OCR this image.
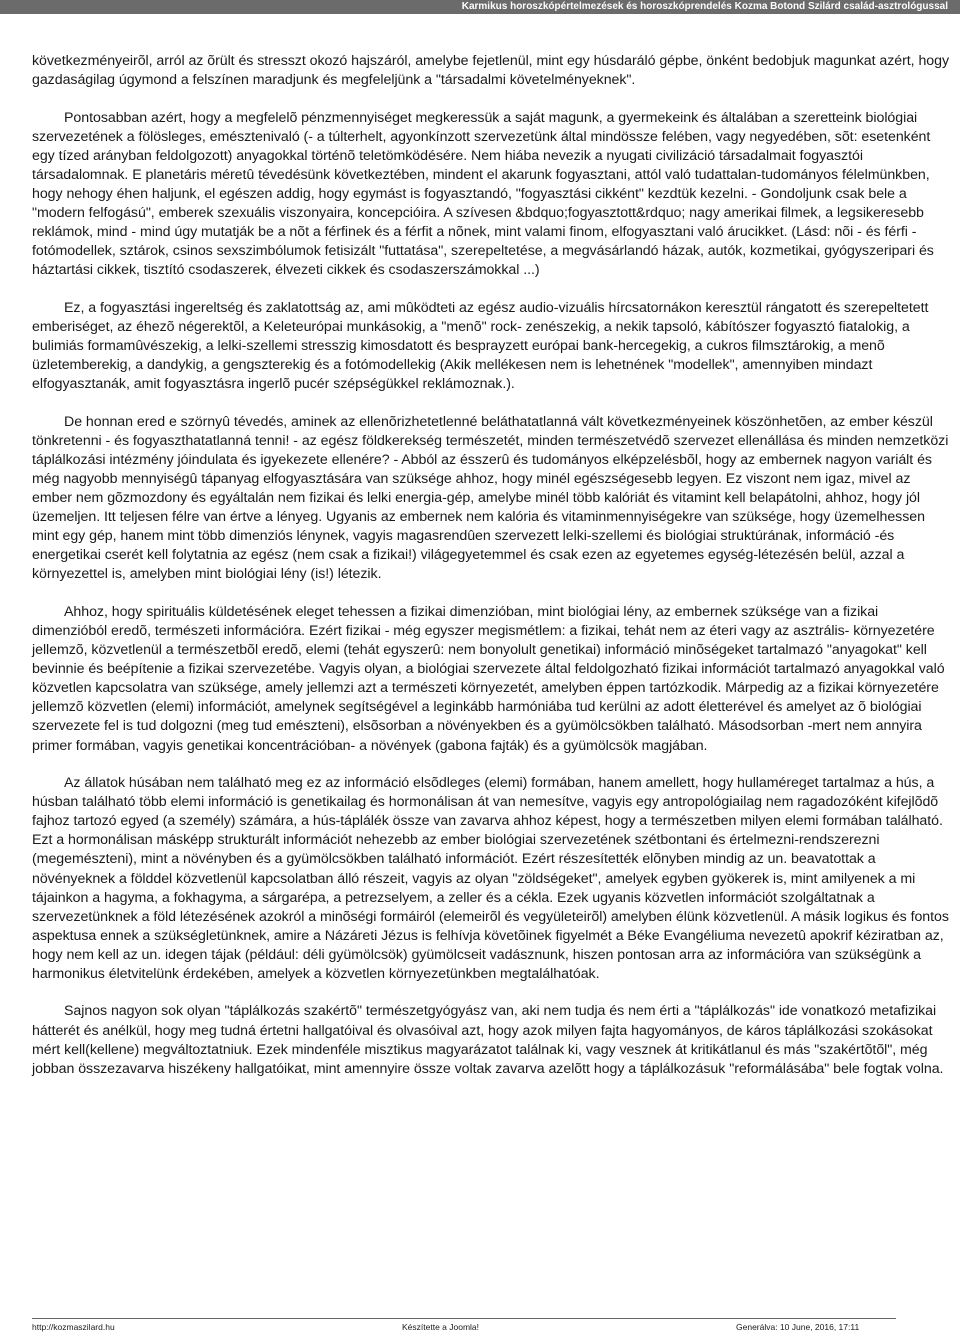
Karmikus horoszkópértelmezések és horoszkóprendelés Kozma Botond Szilárd család-asztrológussal

következményeirõl, arról az õrült és stresszt okozó hajszáról, amelybe fejetlenül, mint egy húsdaráló gépbe, önként bedobjuk magunkat azért, hogy gazdaságilag úgymond a felszínen maradjunk és megfeleljünk a "társadalmi követelményeknek".

Pontosabban azért, hogy a megfelelõ pénzmennyiséget megkeressük a saját magunk, a gyermekeink és általában a szeretteink biológiai szervezetének a fölösleges, emésztenivaló (- a túlterhelt, agyonkínzott szervezetünk által mindössze felében, vagy negyedében, sõt: esetenként egy tízed arányban feldolgozott) anyagokkal történõ teletömködésére. Nem hiába nevezik a nyugati civilizáció társadalmait fogyasztói társadalomnak. E planetáris méretû tévedésünk következtében, mindent el akarunk fogyasztani, attól való tudattalan-tudományos félelmünkben, hogy nehogy éhen haljunk, el egészen addig, hogy egymást is fogyasztandó, "fogyasztási cikként" kezdtük kezelni. - Gondoljunk csak bele a "modern felfogású", emberek szexuális viszonyaira, koncepcióira. A szívesen &bdquo;fogyasztott&rdquo; nagy amerikai filmek, a legsikeresebb reklámok, mind - mind úgy mutatják be a nõt a férfinek és a férfit a nõnek, mint valami finom, elfogyasztani való árucikket. (Lásd: nõi - és férfi - fotómodellek, sztárok, csinos sexszimbólumok fetisizált "futtatása", szerepeltetése, a megvásárlandó házak, autók, kozmetikai, gyógyszeripari és háztartási cikkek, tisztító csodaszerek, élvezeti cikkek és csodaszerszámokkal ...)

Ez, a fogyasztási ingereltség és zaklatottság az, ami mûködteti az egész audio-vizuális hírcsatornákon keresztül rángatott és szerepeltetett emberiséget, az éhezõ négerektõl, a Keleteurópai munkásokig, a "menõ" rock- zenészekig, a nekik tapsoló, kábítószer fogyasztó fiatalokig, a bulimiás formamûvészekig, a lelki-szellemi stresszig kimosdatott és besprayzett európai bank-hercegekig, a cukros filmsztárokig, a menõ üzletemberekig, a dandykig, a gengszterekig és a fotómodellekig (Akik mellékesen nem is lehetnének "modellek", amennyiben mindazt elfogyasztanák, amit fogyasztásra ingerlõ pucér szépségükkel reklámoznak.).

De honnan ered e szörnyû tévedés, aminek az ellenõrizhetetlenné beláthatatlanná vált következményeinek köszönhetõen, az ember készül tönkretenni - és fogyaszthatatlanná tenni! - az egész földkerekség természetét, minden természetvédõ szervezet ellenállása és minden nemzetközi táplálkozási intézmény jóindulata és igyekezete ellenére? - Abból az ésszerû és tudományos elképzelésbõl, hogy az embernek nagyon variált és még nagyobb mennyiségû tápanyag elfogyasztására van szüksége ahhoz, hogy minél egészségesebb legyen. Ez viszont nem igaz, mivel az ember nem gõzmozdony és egyáltalán nem fizikai és lelki energia-gép, amelybe minél több kalóriát és vitamint kell belapátolni, ahhoz, hogy jól üzemeljen. Itt teljesen félre van értve a lényeg. Ugyanis az embernek nem kalória és vitaminmennyiségekre van szüksége, hogy üzemelhessen mint egy gép, hanem mint több dimenziós lénynek, vagyis magasrendûen szervezett lelki-szellemi és biológiai struktúrának, információ -és energetikai cserét kell folytatnia az egész (nem csak a fizikai!) világegyetemmel és csak ezen az egyetemes egység-létezésén belül, azzal a környezettel is, amelyben mint biológiai lény (is!) létezik.

Ahhoz, hogy spirituális küldetésének eleget tehessen a fizikai dimenzióban, mint biológiai lény, az embernek szüksége van a fizikai dimenzióból eredõ, természeti információra. Ezért fizikai - még egyszer megismétlem: a fizikai, tehát nem az éteri vagy az asztrális- környezetére jellemzõ, közvetlenül a természetbõl eredõ, elemi (tehát egyszerû: nem bonyolult genetikai) információ minõségeket tartalmazó "anyagokat" kell bevinnie és beépítenie a fizikai szervezetébe. Vagyis olyan, a biológiai szervezete által feldolgozható fizikai információt tartalmazó anyagokkal való közvetlen kapcsolatra van szüksége, amely jellemzi azt a természeti környezetét, amelyben éppen tartózkodik. Márpedig az a fizikai környezetére jellemzõ közvetlen (elemi) információt, amelynek segítségével a leginkább harmóniába tud kerülni az adott életterével és amelyet az õ biológiai szervezete fel is tud dolgozni (meg tud emészteni), elsõsorban a növényekben és a gyümölcsökben található. Másodsorban -mert nem annyira primer formában, vagyis genetikai koncentrációban- a növények (gabona fajták) és a gyümölcsök magjában.

Az állatok húsában nem található meg ez az információ elsõdleges (elemi) formában, hanem amellett, hogy hullaméreget tartalmaz a hús, a húsban található több elemi információ is genetikailag és hormonálisan át van nemesítve, vagyis egy antropológiailag nem ragadozóként kifejlõdõ fajhoz tartozó egyed (a személy) számára, a hús-táplálék össze van zavarva ahhoz képest, hogy a természetben milyen elemi formában található. Ezt a hormonálisan másképp strukturált információt nehezebb az ember biológiai szervezetének szétbontani és értelmezni-rendszerezni (megemészteni), mint a növényben és a gyümölcsökben található információt. Ezért részesítették elõnyben mindig az un. beavatottak a növényeknek a földdel közvetlenül kapcsolatban álló részeit, vagyis az olyan "zöldségeket", amelyek egyben gyökerek is, mint amilyenek a mi tájainkon a hagyma, a fokhagyma, a sárgarépa, a petrezselyem, a zeller és a cékla. Ezek ugyanis közvetlen információt szolgáltatnak a szervezetünknek a föld létezésének azokról a minõségi formáiról (elemeirõl és vegyületeirõl) amelyben élünk közvetlenül. A másik logikus és fontos aspektusa ennek a szükségletünknek, amire a Názáreti Jézus is felhívja követõinek figyelmét a Béke Evangéliuma nevezetû apokrif kéziratban az, hogy nem kell az un. idegen tájak (például: déli gyümölcsök) gyümölcseit vadásznunk, hiszen pontosan arra az információra van szükségünk a harmonikus életvitelünk érdekében, amelyek a közvetlen környezetünkben megtalálhatóak.

Sajnos nagyon sok olyan "táplálkozás szakértõ" természetgyógyász van, aki nem tudja és nem érti a "táplálkozás" ide vonatkozó metafizikai hátterét és anélkül, hogy meg tudná értetni hallgatóival és olvasóival azt, hogy azok milyen fajta hagyományos, de káros táplálkozási szokásokat mért kell(kellene) megváltoztatniuk. Ezek mindenféle misztikus magyarázatot találnak ki, vagy vesznek át kritikátlanul és más "szakértõtõl", még jobban összezavarva hiszékeny hallgatóikat, mint amennyire össze voltak zavarva azelõtt hogy a táplálkozásuk "reformálásába" bele fogtak volna.

http://kozmaszilard.hu	Készítette a Joomla!	Generálva: 10 June, 2016, 17:11
